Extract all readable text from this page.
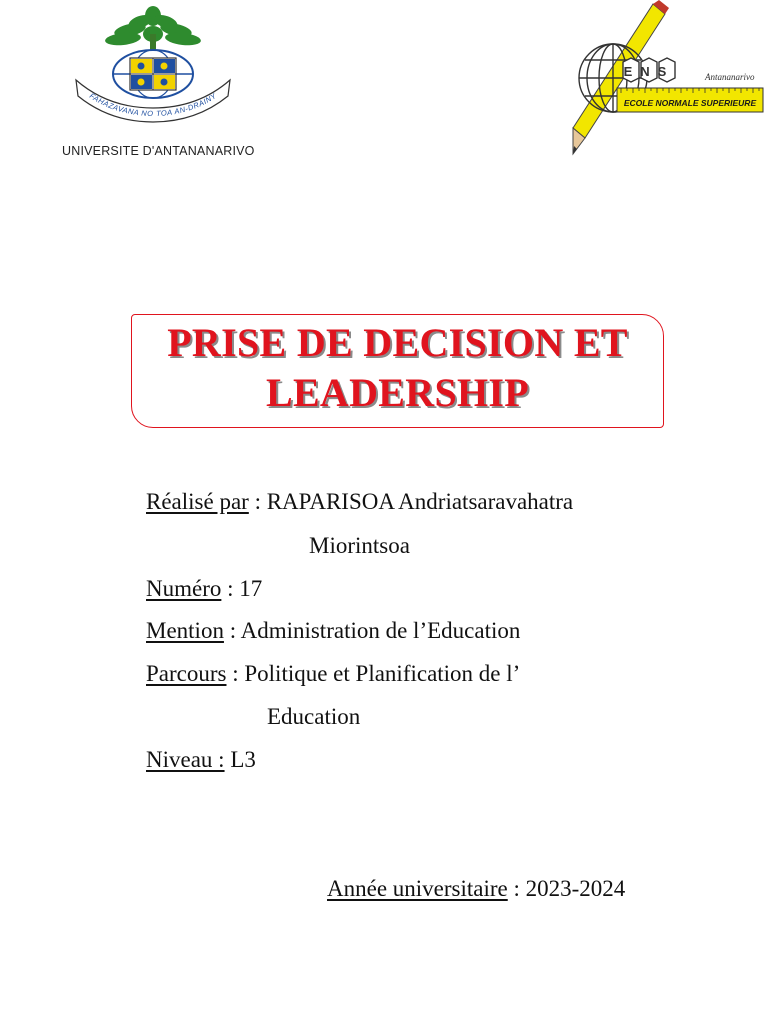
FAHAZAVANA NO TOA AN-DRAINY
UNIVERSITE D'ANTANANARIVO
ENS	Antananarivo
ECOLE NORMALE SUPERIEURE
PRISE DE DECISION ET
LEADERSHIP
Réalisé par : RAPARISOA Andriatsaravahatra
Miorintsoa
Numéro : 17
Mention : Administration de l’Education
Parcours : Politique et Planification de l’
Education
Niveau : L3
Année universitaire : 2023-2024
